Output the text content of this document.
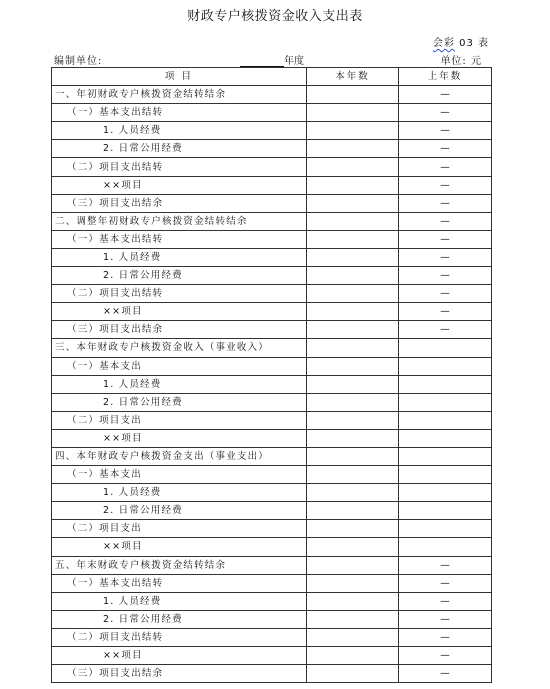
财政专户核拨资金收入支出表
会彩 03 表
编制单位:	年度	单位: 元
项 目	本年数	上年数
一、年初财政专户核拨资金结转结余		—
（一）基本支出结转		—
1. 人员经费		—
2. 日常公用经费		—
（二）项目支出结转		—
××项目		—
（三）项目支出结余		—
二、调整年初财政专户核拨资金结转结余		—
（一）基本支出结转		—
1. 人员经费		—
2. 日常公用经费		—
（二）项目支出结转		—
××项目		—
（三）项目支出结余		—
三、本年财政专户核拨资金收入（事业收入）		
（一）基本支出		
1. 人员经费		
2. 日常公用经费		
（二）项目支出		
××项目		
四、本年财政专户核拨资金支出（事业支出）		
（一）基本支出		
1. 人员经费		
2. 日常公用经费		
（二）项目支出		
××项目		
五、年末财政专户核拨资金结转结余		—
（一）基本支出结转		—
1. 人员经费		—
2. 日常公用经费		—
（二）项目支出结转		—
××项目		—
（三）项目支出结余		—
